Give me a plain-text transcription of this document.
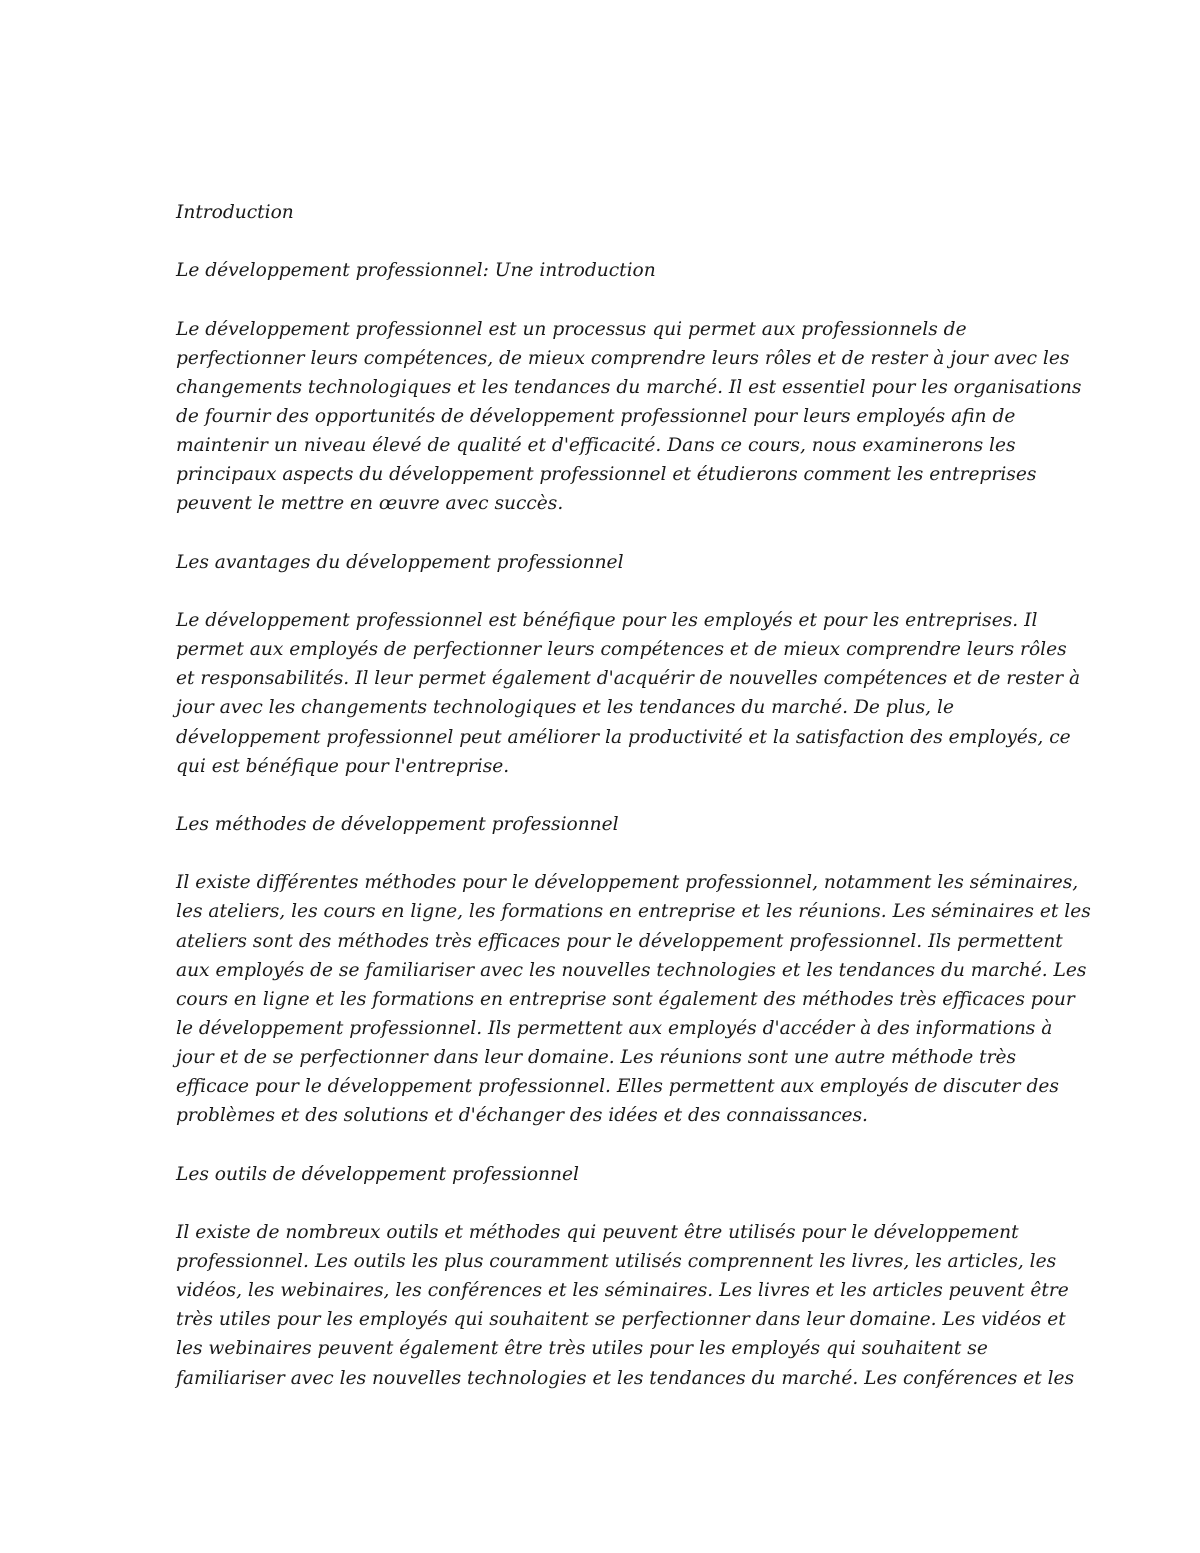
Introduction

Le développement professionnel: Une introduction

Le développement professionnel est un processus qui permet aux professionnels de
perfectionner leurs compétences, de mieux comprendre leurs rôles et de rester à jour avec les
changements technologiques et les tendances du marché. Il est essentiel pour les organisations
de fournir des opportunités de développement professionnel pour leurs employés afin de
maintenir un niveau élevé de qualité et d'efficacité. Dans ce cours, nous examinerons les
principaux aspects du développement professionnel et étudierons comment les entreprises
peuvent le mettre en œuvre avec succès.

Les avantages du développement professionnel

Le développement professionnel est bénéfique pour les employés et pour les entreprises. Il
permet aux employés de perfectionner leurs compétences et de mieux comprendre leurs rôles
et responsabilités. Il leur permet également d'acquérir de nouvelles compétences et de rester à
jour avec les changements technologiques et les tendances du marché. De plus, le
développement professionnel peut améliorer la productivité et la satisfaction des employés, ce
qui est bénéfique pour l'entreprise.

Les méthodes de développement professionnel

Il existe différentes méthodes pour le développement professionnel, notamment les séminaires,
les ateliers, les cours en ligne, les formations en entreprise et les réunions. Les séminaires et les
ateliers sont des méthodes très efficaces pour le développement professionnel. Ils permettent
aux employés de se familiariser avec les nouvelles technologies et les tendances du marché. Les
cours en ligne et les formations en entreprise sont également des méthodes très efficaces pour
le développement professionnel. Ils permettent aux employés d'accéder à des informations à
jour et de se perfectionner dans leur domaine. Les réunions sont une autre méthode très
efficace pour le développement professionnel. Elles permettent aux employés de discuter des
problèmes et des solutions et d'échanger des idées et des connaissances.

Les outils de développement professionnel

Il existe de nombreux outils et méthodes qui peuvent être utilisés pour le développement
professionnel. Les outils les plus couramment utilisés comprennent les livres, les articles, les
vidéos, les webinaires, les conférences et les séminaires. Les livres et les articles peuvent être
très utiles pour les employés qui souhaitent se perfectionner dans leur domaine. Les vidéos et
les webinaires peuvent également être très utiles pour les employés qui souhaitent se
familiariser avec les nouvelles technologies et les tendances du marché. Les conférences et les
